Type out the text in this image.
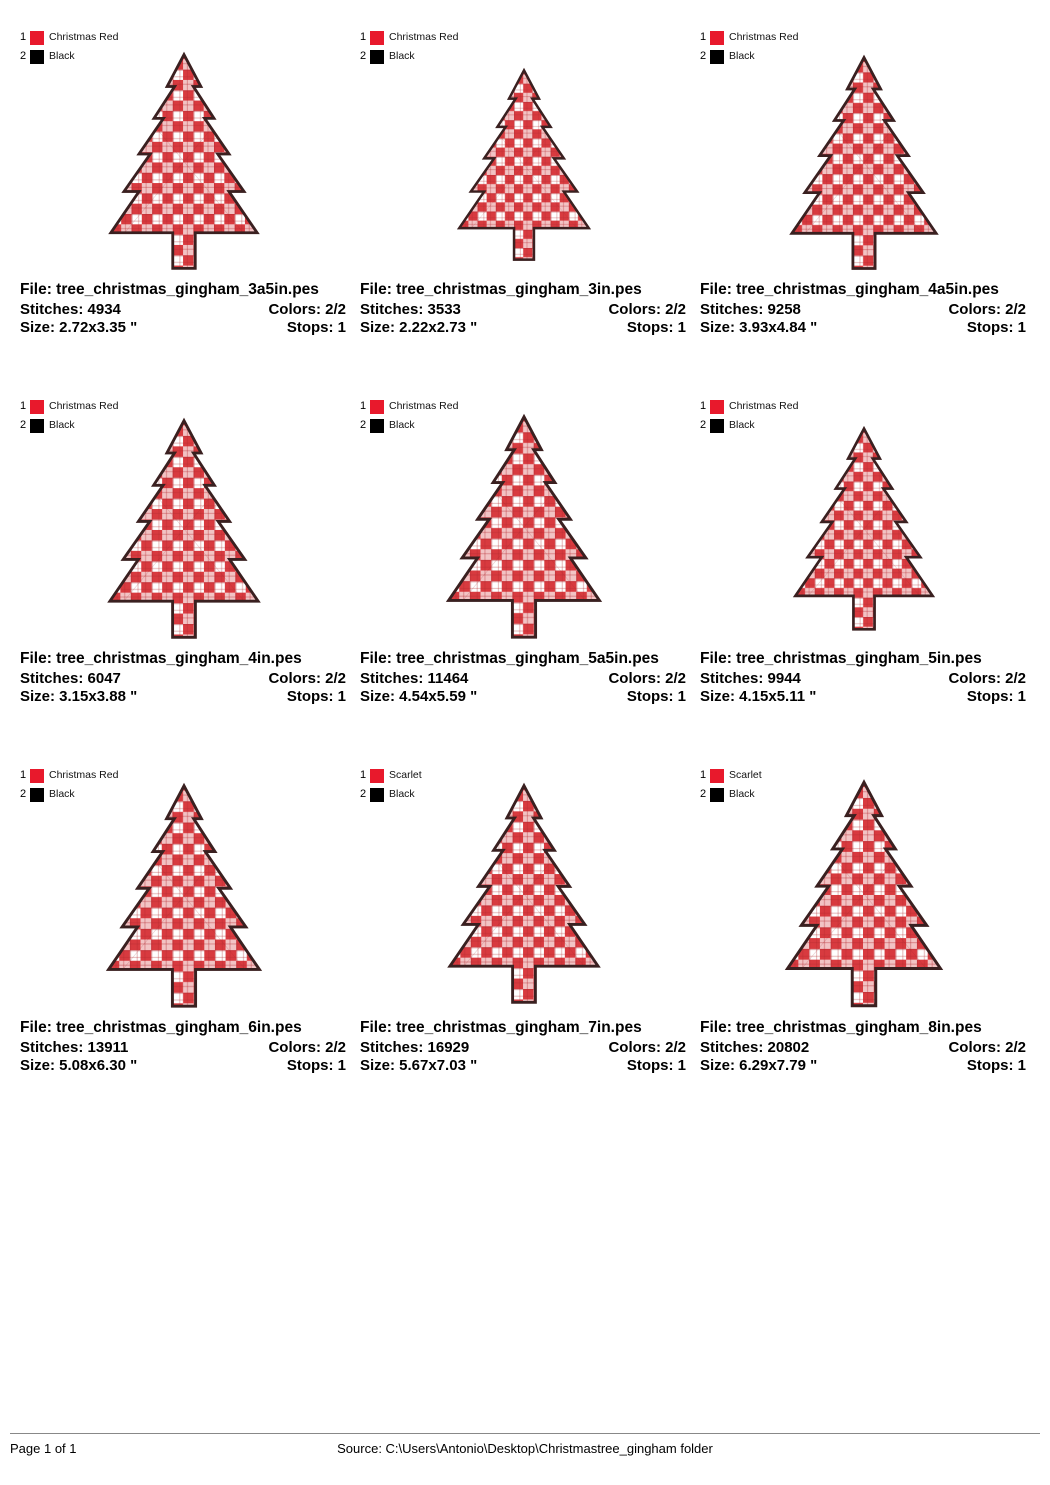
1	Christmas Red
2	Black
File: tree_christmas_gingham_3a5in.pes
Stitches: 4934	Colors: 2/2
Size: 2.72x3.35 "	Stops: 1
1	Christmas Red
2	Black
File: tree_christmas_gingham_3in.pes
Stitches: 3533	Colors: 2/2
Size: 2.22x2.73 "	Stops: 1
1	Christmas Red
2	Black
File: tree_christmas_gingham_4a5in.pes
Stitches: 9258	Colors: 2/2
Size: 3.93x4.84 "	Stops: 1
1	Christmas Red
2	Black
File: tree_christmas_gingham_4in.pes
Stitches: 6047	Colors: 2/2
Size: 3.15x3.88 "	Stops: 1
1	Christmas Red
2	Black
File: tree_christmas_gingham_5a5in.pes
Stitches: 11464	Colors: 2/2
Size: 4.54x5.59 "	Stops: 1
1	Christmas Red
2	Black
File: tree_christmas_gingham_5in.pes
Stitches: 9944	Colors: 2/2
Size: 4.15x5.11 "	Stops: 1
1	Christmas Red
2	Black
File: tree_christmas_gingham_6in.pes
Stitches: 13911	Colors: 2/2
Size: 5.08x6.30 "	Stops: 1
1	Scarlet
2	Black
File: tree_christmas_gingham_7in.pes
Stitches: 16929	Colors: 2/2
Size: 5.67x7.03 "	Stops: 1
1	Scarlet
2	Black
File: tree_christmas_gingham_8in.pes
Stitches: 20802	Colors: 2/2
Size: 6.29x7.79 "	Stops: 1
Page 1 of 1	Source: C:\Users\Antonio\Desktop\Christmastree_gingham folder
